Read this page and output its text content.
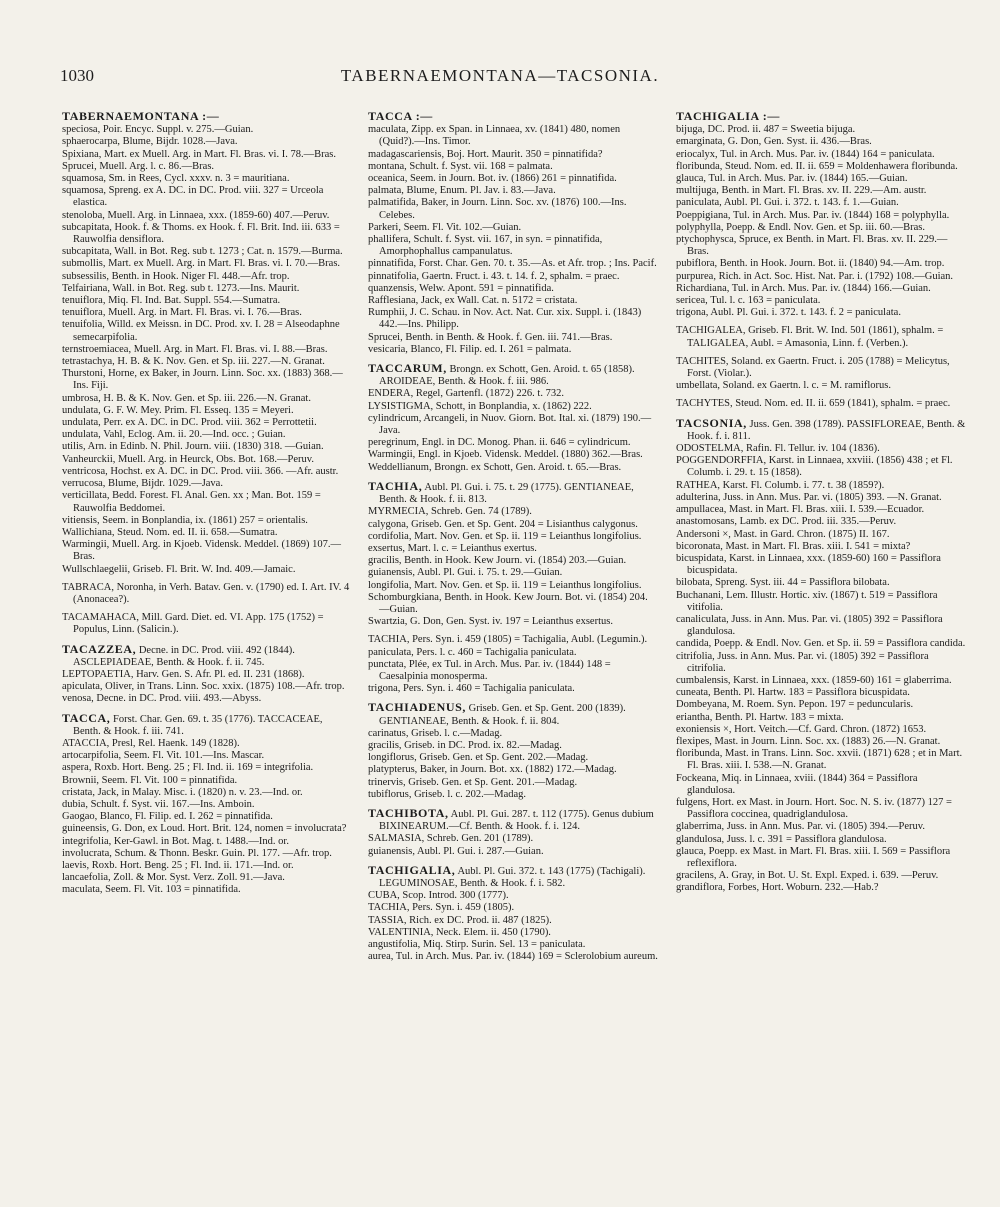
1030	TABERNAEMONTANA—TACSONIA.

TABERNAEMONTANA :—

speciosa, Poir. Encyc. Suppl. v. 275.—Guian.

sphaerocarpa, Blume, Bijdr. 1028.—Java.

Spixiana, Mart. ex Muell. Arg. in Mart. Fl. Bras. vi. I. 78.—Bras.

Sprucei, Muell. Arg. l. c. 86.—Bras.

squamosa, Sm. in Rees, Cycl. xxxv. n. 3 = mauritiana.

squamosa, Spreng. ex A. DC. in DC. Prod. viii. 327 = Urceola elastica.

stenoloba, Muell. Arg. in Linnaea, xxx. (1859-60) 407.—Peruv.

subcapitata, Hook. f. & Thoms. ex Hook. f. Fl. Brit. Ind. iii. 633 = Rauwolfia densiflora.

subcapitata, Wall. in Bot. Reg. sub t. 1273 ; Cat. n. 1579.—Burma.

submollis, Mart. ex Muell. Arg. in Mart. Fl. Bras. vi. I. 70.—Bras.

subsessilis, Benth. in Hook. Niger Fl. 448.—Afr. trop.

Telfairiana, Wall. in Bot. Reg. sub t. 1273.—Ins. Maurit.

tenuiflora, Miq. Fl. Ind. Bat. Suppl. 554.—Sumatra.

tenuiflora, Muell. Arg. in Mart. Fl. Bras. vi. I. 76.—Bras.

tenuifolia, Willd. ex Meissn. in DC. Prod. xv. I. 28 = Alseodaphne semecarpifolia.

ternstroemiacea, Muell. Arg. in Mart. Fl. Bras. vi. I. 88.—Bras.

tetrastachya, H. B. & K. Nov. Gen. et Sp. iii. 227.—N. Granat.

Thurstoni, Horne, ex Baker, in Journ. Linn. Soc. xx. (1883) 368.—Ins. Fiji.

umbrosa, H. B. & K. Nov. Gen. et Sp. iii. 226.—N. Granat.

undulata, G. F. W. Mey. Prim. Fl. Esseq. 135 = Meyeri.

undulata, Perr. ex A. DC. in DC. Prod. viii. 362 = Perrottetii.

undulata, Vahl, Eclog. Am. ii. 20.—Ind. occ. ; Guian.

utilis, Arn. in Edinb. N. Phil. Journ. viii. (1830) 318. —Guian.

Vanheurckii, Muell. Arg. in Heurck, Obs. Bot. 168.—Peruv.

ventricosa, Hochst. ex A. DC. in DC. Prod. viii. 366. —Afr. austr.

verrucosa, Blume, Bijdr. 1029.—Java.

verticillata, Bedd. Forest. Fl. Anal. Gen. xx ; Man. Bot. 159 = Rauwolfia Beddomei.

vitiensis, Seem. in Bonplandia, ix. (1861) 257 = orientalis.

Wallichiana, Steud. Nom. ed. II. ii. 658.—Sumatra.

Warmingii, Muell. Arg. in Kjoeb. Vidensk. Meddel. (1869) 107.—Bras.

Wullschlaegelii, Griseb. Fl. Brit. W. Ind. 409.—Jamaic.

TABRACA, Noronha, in Verh. Batav. Gen. v. (1790) ed. I. Art. IV. 4 (Anonacea?).

TACAMAHACA, Mill. Gard. Diet. ed. VI. App. 175 (1752) = Populus, Linn. (Salicin.).

TACAZZEA, Decne. in DC. Prod. viii. 492 (1844). ASCLEPIADEAE, Benth. & Hook. f. ii. 745.

LEPTOPAETIA, Harv. Gen. S. Afr. Pl. ed. II. 231 (1868).

apiculata, Oliver, in Trans. Linn. Soc. xxix. (1875) 108.—Afr. trop.

venosa, Decne. in DC. Prod. viii. 493.—Abyss.

TACCA, Forst. Char. Gen. 69. t. 35 (1776). TACCACEAE, Benth. & Hook. f. iii. 741.

ATACCIA, Presl, Rel. Haenk. 149 (1828).

artocarpifolia, Seem. Fl. Vit. 101.—Ins. Mascar.

aspera, Roxb. Hort. Beng. 25 ; Fl. Ind. ii. 169 = integrifolia.

Brownii, Seem. Fl. Vit. 100 = pinnatifida.

cristata, Jack, in Malay. Misc. i. (1820) n. v. 23.—Ind. or.

dubia, Schult. f. Syst. vii. 167.—Ins. Amboin.

Gaogao, Blanco, Fl. Filip. ed. I. 262 = pinnatifida.

guineensis, G. Don, ex Loud. Hort. Brit. 124, nomen = involucrata?

integrifolia, Ker-Gawl. in Bot. Mag. t. 1488.—Ind. or.

involucrata, Schum. & Thonn. Beskr. Guin. Pl. 177. —Afr. trop.

laevis, Roxb. Hort. Beng. 25 ; Fl. Ind. ii. 171.—Ind. or.

lancaefolia, Zoll. & Mor. Syst. Verz. Zoll. 91.—Java.

maculata, Seem. Fl. Vit. 103 = pinnatifida.

TACCA :—

maculata, Zipp. ex Span. in Linnaea, xv. (1841) 480, nomen (Quid?).—Ins. Timor.

madagascariensis, Boj. Hort. Maurit. 350 = pinnatifida?

montana, Schult. f. Syst. vii. 168 = palmata.

oceanica, Seem. in Journ. Bot. iv. (1866) 261 = pinnatifida.

palmata, Blume, Enum. Pl. Jav. i. 83.—Java.

palmatifida, Baker, in Journ. Linn. Soc. xv. (1876) 100.—Ins. Celebes.

Parkeri, Seem. Fl. Vit. 102.—Guian.

phallifera, Schult. f. Syst. vii. 167, in syn. = pinnatifida, Amorphophallus campanulatus.

pinnatifida, Forst. Char. Gen. 70. t. 35.—As. et Afr. trop. ; Ins. Pacif.

pinnatifolia, Gaertn. Fruct. i. 43. t. 14. f. 2, sphalm. = praec.

quanzensis, Welw. Apont. 591 = pinnatifida.

Rafflesiana, Jack, ex Wall. Cat. n. 5172 = cristata.

Rumphii, J. C. Schau. in Nov. Act. Nat. Cur. xix. Suppl. i. (1843) 442.—Ins. Philipp.

Sprucei, Benth. in Benth. & Hook. f. Gen. iii. 741.—Bras.

vesicaria, Blanco, Fl. Filip. ed. I. 261 = palmata.

TACCARUM, Brongn. ex Schott, Gen. Aroid. t. 65 (1858). AROIDEAE, Benth. & Hook. f. iii. 986.

ENDERA, Regel, Gartenfl. (1872) 226. t. 732.

LYSISTIGMA, Schott, in Bonplandia, x. (1862) 222.

cylindricum, Arcangeli, in Nuov. Giorn. Bot. Ital. xi. (1879) 190.—Java.

peregrinum, Engl. in DC. Monog. Phan. ii. 646 = cylindricum.

Warmingii, Engl. in Kjoeb. Vidensk. Meddel. (1880) 362.—Bras.

Weddellianum, Brongn. ex Schott, Gen. Aroid. t. 65.—Bras.

TACHIA, Aubl. Pl. Gui. i. 75. t. 29 (1775). GENTIANEAE, Benth. & Hook. f. ii. 813.

MYRMECIA, Schreb. Gen. 74 (1789).

calygona, Griseb. Gen. et Sp. Gent. 204 = Lisianthus calygonus.

cordifolia, Mart. Nov. Gen. et Sp. ii. 119 = Leianthus longifolius.

exsertus, Mart. l. c. = Leianthus exertus.

gracilis, Benth. in Hook. Kew Journ. vi. (1854) 203.—Guian.

guianensis, Aubl. Pl. Gui. i. 75. t. 29.—Guian.

longifolia, Mart. Nov. Gen. et Sp. ii. 119 = Leianthus longifolius.

Schomburgkiana, Benth. in Hook. Kew Journ. Bot. vi. (1854) 204.—Guian.

Swartzia, G. Don, Gen. Syst. iv. 197 = Leianthus exsertus.

TACHIA, Pers. Syn. i. 459 (1805) = Tachigalia, Aubl. (Legumin.).

paniculata, Pers. l. c. 460 = Tachigalia paniculata.

punctata, Plée, ex Tul. in Arch. Mus. Par. iv. (1844) 148 = Caesalpinia monosperma.

trigona, Pers. Syn. i. 460 = Tachigalia paniculata.

TACHIADENUS, Griseb. Gen. et Sp. Gent. 200 (1839). GENTIANEAE, Benth. & Hook. f. ii. 804.

carinatus, Griseb. l. c.—Madag.

gracilis, Griseb. in DC. Prod. ix. 82.—Madag.

longiflorus, Griseb. Gen. et Sp. Gent. 202.—Madag.

platypterus, Baker, in Journ. Bot. xx. (1882) 172.—Madag.

trinervis, Griseb. Gen. et Sp. Gent. 201.—Madag.

tubiflorus, Griseb. l. c. 202.—Madag.

TACHIBOTA, Aubl. Pl. Gui. 287. t. 112 (1775). Genus dubium BIXINEARUM.—Cf. Benth. & Hook. f. i. 124.

SALMASIA, Schreb. Gen. 201 (1789).

guianensis, Aubl. Pl. Gui. i. 287.—Guian.

TACHIGALIA, Aubl. Pl. Gui. 372. t. 143 (1775) (Tachigali). LEGUMINOSAE, Benth. & Hook. f. i. 582.

CUBA, Scop. Introd. 300 (1777).

TACHIA, Pers. Syn. i. 459 (1805).

TASSIA, Rich. ex DC. Prod. ii. 487 (1825).

VALENTINIA, Neck. Elem. ii. 450 (1790).

angustifolia, Miq. Stirp. Surin. Sel. 13 = paniculata.

aurea, Tul. in Arch. Mus. Par. iv. (1844) 169 = Sclerolobium aureum.

TACHIGALIA :—

bijuga, DC. Prod. ii. 487 = Sweetia bijuga.

emarginata, G. Don, Gen. Syst. ii. 436.—Bras.

eriocalyx, Tul. in Arch. Mus. Par. iv. (1844) 164 = paniculata.

floribunda, Steud. Nom. ed. II. ii. 659 = Moldenhawera floribunda.

glauca, Tul. in Arch. Mus. Par. iv. (1844) 165.—Guian.

multijuga, Benth. in Mart. Fl. Bras. xv. II. 229.—Am. austr.

paniculata, Aubl. Pl. Gui. i. 372. t. 143. f. 1.—Guian.

Poeppigiana, Tul. in Arch. Mus. Par. iv. (1844) 168 = polyphylla.

polyphylla, Poepp. & Endl. Nov. Gen. et Sp. iii. 60.—Bras.

ptychophysca, Spruce, ex Benth. in Mart. Fl. Bras. xv. II. 229.—Bras.

pubiflora, Benth. in Hook. Journ. Bot. ii. (1840) 94.—Am. trop.

purpurea, Rich. in Act. Soc. Hist. Nat. Par. i. (1792) 108.—Guian.

Richardiana, Tul. in Arch. Mus. Par. iv. (1844) 166.—Guian.

sericea, Tul. l. c. 163 = paniculata.

trigona, Aubl. Pl. Gui. i. 372. t. 143. f. 2 = paniculata.

TACHIGALEA, Griseb. Fl. Brit. W. Ind. 501 (1861), sphalm. = TALIGALEA, Aubl. = Amasonia, Linn. f. (Verben.).

TACHITES, Soland. ex Gaertn. Fruct. i. 205 (1788) = Melicytus, Forst. (Violar.).

umbellata, Soland. ex Gaertn. l. c. = M. ramiflorus.

TACHYTES, Steud. Nom. ed. II. ii. 659 (1841), sphalm. = praec.

TACSONIA, Juss. Gen. 398 (1789). PASSIFLOREAE, Benth. & Hook. f. i. 811.

ODOSTELMA, Rafin. Fl. Tellur. iv. 104 (1836).

POGGENDORFFIA, Karst. in Linnaea, xxviii. (1856) 438 ; et Fl. Columb. i. 29. t. 15 (1858).

RATHEA, Karst. Fl. Columb. i. 77. t. 38 (1859?).

adulterina, Juss. in Ann. Mus. Par. vi. (1805) 393. —N. Granat.

ampullacea, Mast. in Mart. Fl. Bras. xiii. I. 539.—Ecuador.

anastomosans, Lamb. ex DC. Prod. iii. 335.—Peruv.

Andersoni ×, Mast. in Gard. Chron. (1875) II. 167.

bicoronata, Mast. in Mart. Fl. Bras. xiii. I. 541 = mixta?

bicuspidata, Karst. in Linnaea, xxx. (1859-60) 160 = Passiflora bicuspidata.

bilobata, Spreng. Syst. iii. 44 = Passiflora bilobata.

Buchanani, Lem. Illustr. Hortic. xiv. (1867) t. 519 = Passiflora vitifolia.

canaliculata, Juss. in Ann. Mus. Par. vi. (1805) 392 = Passiflora glandulosa.

candida, Poepp. & Endl. Nov. Gen. et Sp. ii. 59 = Passiflora candida.

citrifolia, Juss. in Ann. Mus. Par. vi. (1805) 392 = Passiflora citrifolia.

cumbalensis, Karst. in Linnaea, xxx. (1859-60) 161 = glaberrima.

cuneata, Benth. Pl. Hartw. 183 = Passiflora bicuspidata.

Dombeyana, M. Roem. Syn. Pepon. 197 = peduncularis.

eriantha, Benth. Pl. Hartw. 183 = mixta.

exoniensis ×, Hort. Veitch.—Cf. Gard. Chron. (1872) 1653.

flexipes, Mast. in Journ. Linn. Soc. xx. (1883) 26.—N. Granat.

floribunda, Mast. in Trans. Linn. Soc. xxvii. (1871) 628 ; et in Mart. Fl. Bras. xiii. I. 538.—N. Granat.

Fockeana, Miq. in Linnaea, xviii. (1844) 364 = Passiflora glandulosa.

fulgens, Hort. ex Mast. in Journ. Hort. Soc. N. S. iv. (1877) 127 = Passiflora coccinea, quadriglandulosa.

glaberrima, Juss. in Ann. Mus. Par. vi. (1805) 394.—Peruv.

glandulosa, Juss. l. c. 391 = Passiflora glandulosa.

glauca, Poepp. ex Mast. in Mart. Fl. Bras. xiii. I. 569 = Passiflora reflexiflora.

gracilens, A. Gray, in Bot. U. St. Expl. Exped. i. 639. —Peruv.

grandiflora, Forbes, Hort. Woburn. 232.—Hab.?
